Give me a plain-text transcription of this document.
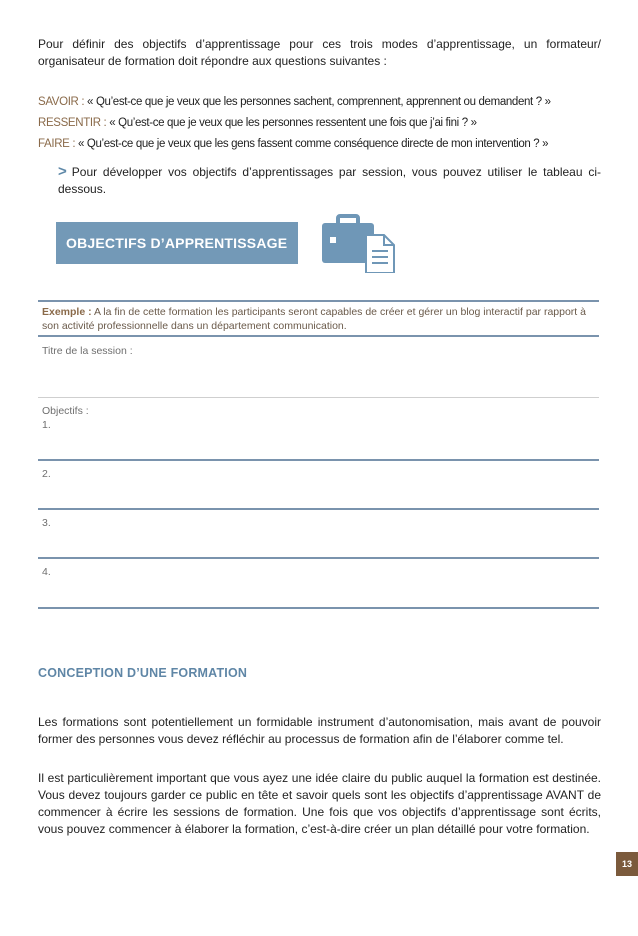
Pour définir des objectifs d’apprentissage pour ces trois modes d’apprentissage, un formateur/ organisateur de formation doit répondre aux questions suivantes :

SAVOIR : « Qu’est-ce que je veux que les personnes sachent, comprennent, apprennent ou demandent ? »

RESSENTIR : « Qu’est-ce que je veux que les personnes ressentent une fois que j’ai fini ? »

FAIRE : « Qu’est-ce que je veux que les gens fassent comme conséquence directe de mon intervention ? »

> Pour développer vos objectifs d’apprentissages par session, vous pouvez utiliser le tableau ci-dessous.

OBJECTIFS D’APPRENTISSAGE
Exemple : A la fin de cette formation les participants seront capables de créer et gérer un blog interactif par rapport à son activité professionnelle dans un département communication.
Titre de la session :
Objectifs :
1.
2.
3.
4.
CONCEPTION D’UNE FORMATION

Les formations sont potentiellement un formidable instrument d’autonomisation, mais avant de pouvoir former des personnes vous devez réfléchir au processus de formation afin de l’élaborer comme tel.

Il est particulièrement important que vous ayez une idée claire du public auquel la formation est destinée. Vous devez toujours garder ce public en tête et savoir quels sont les objectifs d’apprentissage AVANT de commencer à écrire les sessions de formation. Une fois que vos objectifs d’apprentissage sont écrits, vous pouvez commencer à élaborer la formation, c’est-à-dire créer un plan détaillé pour votre formation.

13
